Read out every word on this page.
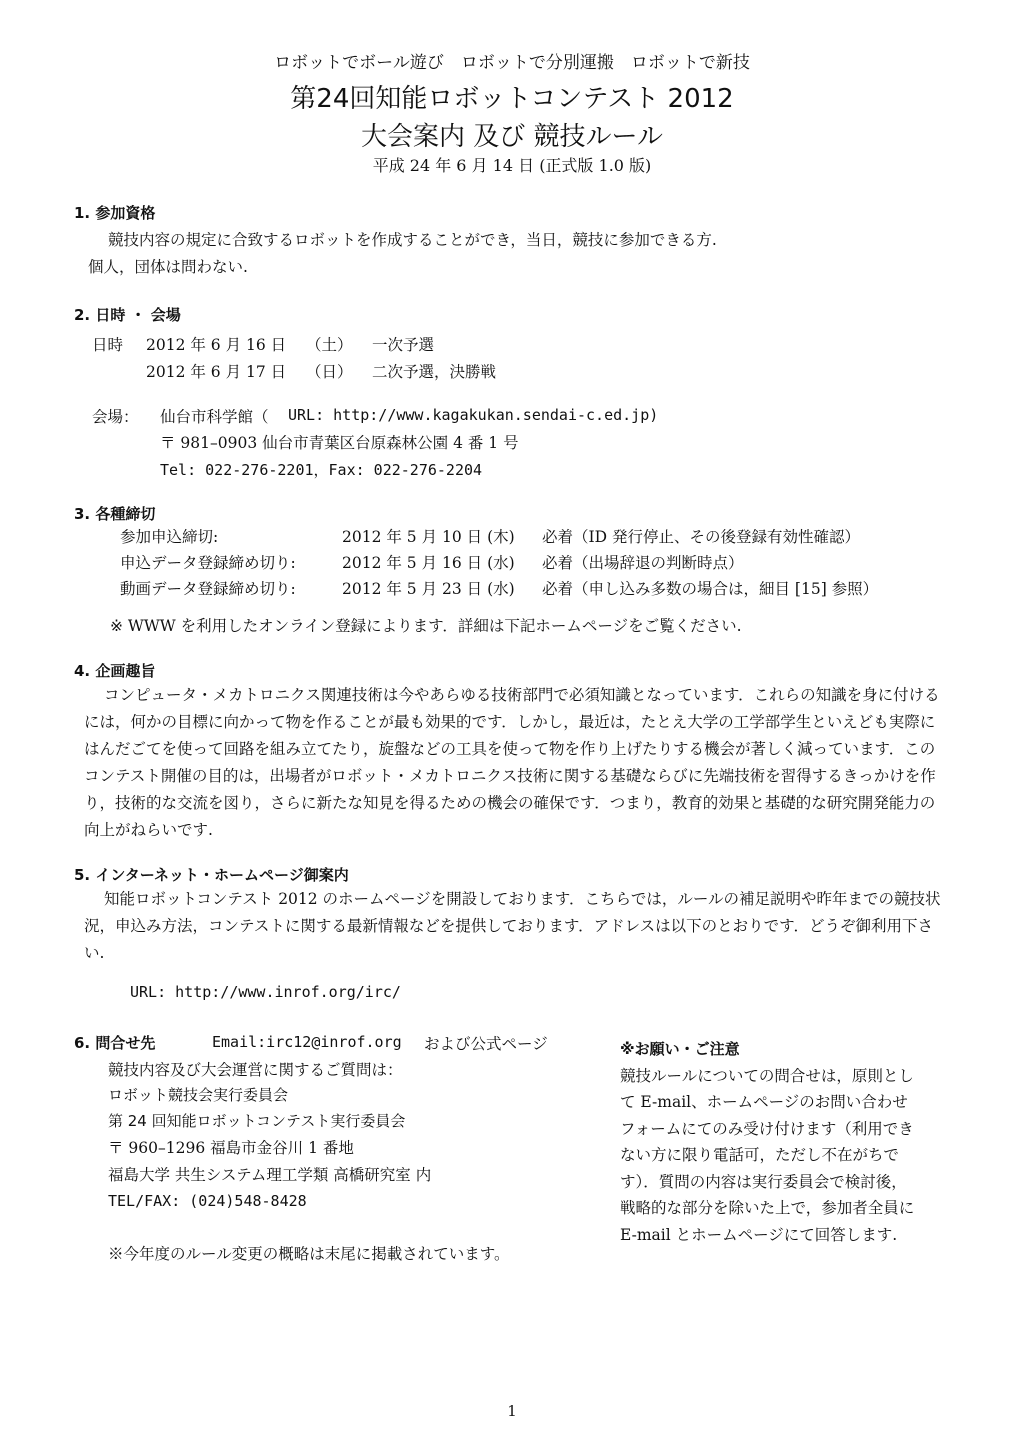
ロボットでボール遊び　ロボットで分別運搬　ロボットで新技
第24回知能ロボットコンテスト 2012
大会案内 及び 競技ルール
平成 24 年 6 月 14 日 (正式版 1.0 版)
1. 参加資格
競技内容の規定に合致するロボットを作成することができ，当日，競技に参加できる方.
個人，団体は問わない.
2. 日時 ・ 会場
日時 2012 年 6 月 16 日 （土） 一次予選
2012 年 6 月 17 日 （日） 二次予選，決勝戦
会場： 仙台市科学館（ URL: http://www.kagakukan.sendai-c.ed.jp)
〒 981–0903 仙台市青葉区台原森林公園 4 番 1 号
Tel: 022-276-2201，Fax: 022-276-2204
3. 各種締切
参加申込締切:	2012 年 5 月 10 日 (木) 必着（ID 発行停止、その後登録有効性確認）
申込データ登録締め切り:	2012 年 5 月 16 日 (水) 必着（出場辞退の判断時点）
動画データ登録締め切り:	2012 年 5 月 23 日 (水) 必着（申し込み多数の場合は，細目 [15] 参照）
※ WWW を利用したオンライン登録によります．詳細は下記ホームページをご覧ください.
4. 企画趣旨
コンピュータ・メカトロニクス関連技術は今やあらゆる技術部門で必須知識となっています．これらの知識を身に付けるには，何かの目標に向かって物を作ることが最も効果的です．しかし，最近は，たとえ大学の工学部学生といえども実際にはんだごてを使って回路を組み立てたり，旋盤などの工具を使って物を作り上げたりする機会が著しく減っています．このコンテスト開催の目的は，出場者がロボット・メカトロニクス技術に関する基礎ならびに先端技術を習得するきっかけを作り，技術的な交流を図り，さらに新たな知見を得るための機会の確保です．つまり，教育的効果と基礎的な研究開発能力の向上がねらいです.
5. インターネット・ホームページ御案内
知能ロボットコンテスト 2012 のホームページを開設しております．こちらでは，ルールの補足説明や昨年までの競技状況，申込み方法，コンテストに関する最新情報などを提供しております．アドレスは以下のとおりです．どうぞ御利用下さい.
URL: http://www.inrof.org/irc/
6. 問合せ先	Email:irc12@inrof.org および公式ページ
競技内容及び大会運営に関するご質問は：
ロボット競技会実行委員会
第 24 回知能ロボットコンテスト実行委員会
〒 960–1296 福島市金谷川 1 番地
福島大学 共生システム理工学類 高橋研究室 内
TEL/FAX: (024)548-8428
※今年度のルール変更の概略は末尾に掲載されています。
※お願い・ご注意
競技ルールについての問合せは，原則として E-mail、ホームページのお問い合わせフォームにてのみ受け付けます（利用できない方に限り電話可，ただし不在がちです）．質問の内容は実行委員会で検討後，戦略的な部分を除いた上で，参加者全員に E-mail とホームページにて回答します.
1
